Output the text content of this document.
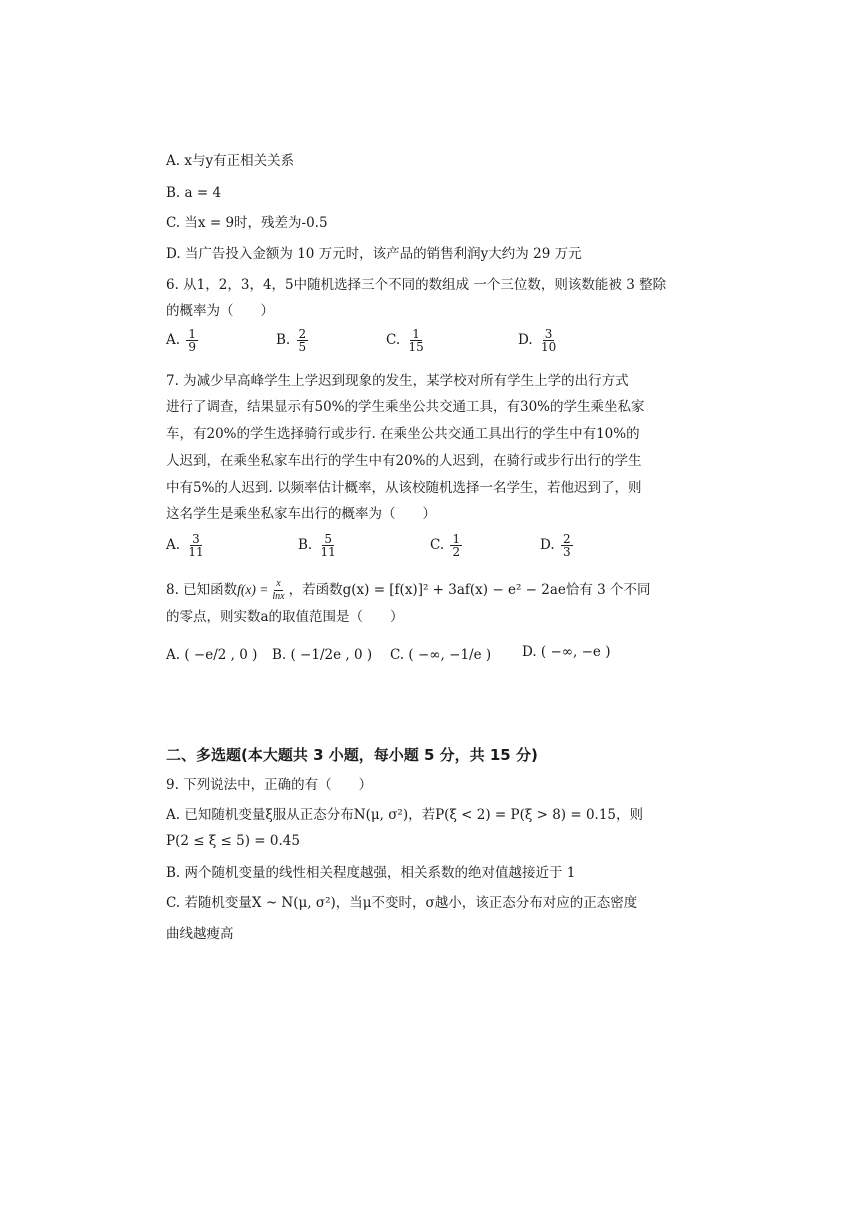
A. x与y有正相关关系
B. a = 4
C. 当x = 9时，残差为-0.5
D. 当广告投入金额为 10 万元时，该产品的销售利润y大约为 29 万元
6. 从1，2，3，4，5中随机选择三个不同的数组成 一个三位数，则该数能被 3 整除
的概率为（　　）
A. $\frac{1}{9}$	B. $\frac{2}{5}$	C. $\frac{1}{15}$	D. $\frac{3}{10}$
7. 为减少早高峰学生上学迟到现象的发生，某学校对所有学生上学的出行方式
进行了调查，结果显示有50%的学生乘坐公共交通工具，有30%的学生乘坐私家
车，有20%的学生选择骑行或步行. 在乘坐公共交通工具出行的学生中有10%的
人迟到，在乘坐私家车出行的学生中有20%的人迟到，在骑行或步行出行的学生
中有5%的人迟到. 以频率估计概率，从该校随机选择一名学生，若他迟到了，则
这名学生是乘坐私家车出行的概率为（　　）
A. $\frac{3}{11}$	B. $\frac{5}{11}$	C. $\frac{1}{2}$	D. $\frac{2}{3}$
8. 已知函数$f(x) = \frac{x}{\ln x}$ ，若函数g(x) = [f(x)]² + 3af(x) − e² − 2ae恰有 3 个不同
的零点，则实数a的取值范围是（　　）
A. ( −e/2 , 0 ) B. ( −1/2e , 0 ) C. ( −∞, −1/e ) D. ( −∞, −e )
二、多选题(本大题共 3 小题，每小题 5 分，共 15 分)
9. 下列说法中，正确的有（　　）
A. 已知随机变量ξ服从正态分布N(μ, σ²)，若P(ξ < 2) = P(ξ > 8) = 0.15，则
P(2 ≤ ξ ≤ 5) = 0.45
B. 两个随机变量的线性相关程度越强，相关系数的绝对值越接近于 1
C. 若随机变量X ~ N(μ, σ²)，当μ不变时，σ越小，该正态分布对应的正态密度
曲线越瘦高
